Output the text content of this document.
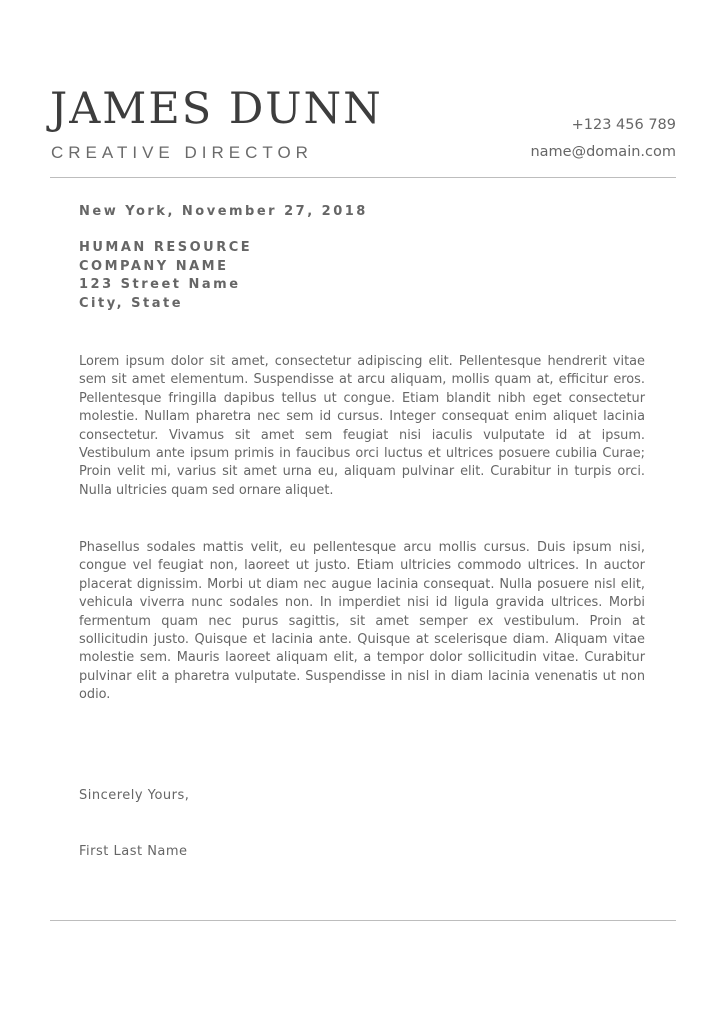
JAMES DUNN
CREATIVE DIRECTOR
+123 456 789
name@domain.com
New York, November 27, 2018
HUMAN RESOURCE
COMPANY NAME
123 Street Name
City, State

Lorem ipsum dolor sit amet, consectetur adipiscing elit. Pellentesque hendrerit vitae sem sit amet elementum. Suspendisse at arcu aliquam, mollis quam at, efficitur eros. Pellentesque fringilla dapibus tellus ut congue. Etiam blandit nibh eget consectetur molestie. Nullam pharetra nec sem id cursus. Integer consequat enim aliquet lacinia consectetur. Vivamus sit amet sem feugiat nisi iaculis vulputate id at ipsum. Vestibulum ante ipsum primis in faucibus orci luctus et ultrices posuere cubilia Curae; Proin velit mi, varius sit amet urna eu, aliquam pulvinar elit. Curabitur in turpis orci. Nulla ultricies quam sed ornare aliquet.

Phasellus sodales mattis velit, eu pellentesque arcu mollis cursus. Duis ipsum nisi, congue vel feugiat non, laoreet ut justo. Etiam ultricies commodo ultrices. In auctor placerat dignissim. Morbi ut diam nec augue lacinia consequat. Nulla posuere nisl elit, vehicula viverra nunc sodales non. In imperdiet nisi id ligula gravida ultrices. Morbi fermentum quam nec purus sagittis, sit amet semper ex vestibulum. Proin at sollicitudin justo. Quisque et lacinia ante. Quisque at scelerisque diam. Aliquam vitae molestie sem. Mauris laoreet aliquam elit, a tempor dolor sollicitudin vitae. Curabitur pulvinar elit a pharetra vulputate. Suspendisse in nisl in diam lacinia venenatis ut non odio.

Sincerely Yours,
First Last Name
